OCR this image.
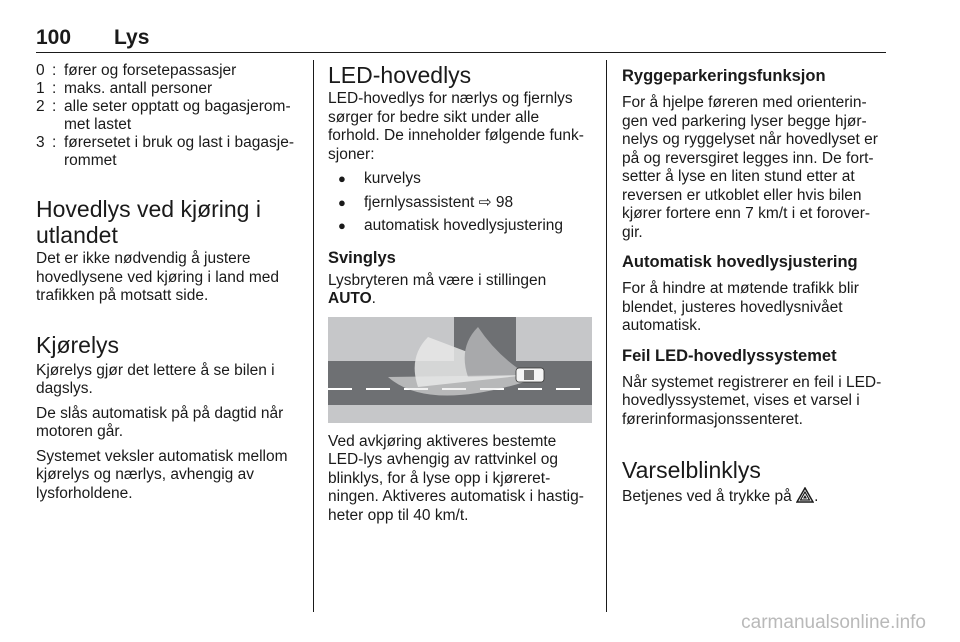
100 Lys
0 : fører og forsetepassasjer
1 : maks. antall personer
2 : alle seter opptatt og bagasjerom-met lastet
3 : førersetet i bruk og last i bagasje-rommet
Hovedlys ved kjøring i utlandet

Det er ikke nødvendig å justere hovedlysene ved kjøring i land med trafikken på motsatt side.

Kjørelys

Kjørelys gjør det lettere å se bilen i dagslys.

De slås automatisk på på dagtid når motoren går.

Systemet veksler automatisk mellom kjørelys og nærlys, avhengig av lysforholdene.

LED-hovedlys

LED-hovedlys for nærlys og fjernlys sørger for bedre sikt under alle forhold. De inneholder følgende funk-sjoner:

●	kurvelys
●	fjernlysassistent ⇨ 98
●	automatisk hovedlysjustering
Svinglys

Lysbryteren må være i stillingen
AUTO.

Ved avkjøring aktiveres bestemte LED-lys avhengig av rattvinkel og blinklys, for å lyse opp i kjøreret-ningen. Aktiveres automatisk i hastig-heter opp til 40 km/t.

Ryggeparkeringsfunksjon

For å hjelpe føreren med orienterin-gen ved parkering lyser begge hjør-nelys og ryggelyset når hovedlyset er på og reversgiret legges inn. De fort-setter å lyse en liten stund etter at reversen er utkoblet eller hvis bilen kjører fortere enn 7 km/t i et forover-gir.

Automatisk hovedlysjustering

For å hindre at møtende trafikk blir blendet, justeres hovedlysnivået automatisk.

Feil LED-hovedlyssystemet

Når systemet registrerer en feil i LED-hovedlyssystemet, vises et varsel i førerinformasjonssenteret.

Varselblinklys

Betjenes ved å trykke på .

carmanualsonline.info
